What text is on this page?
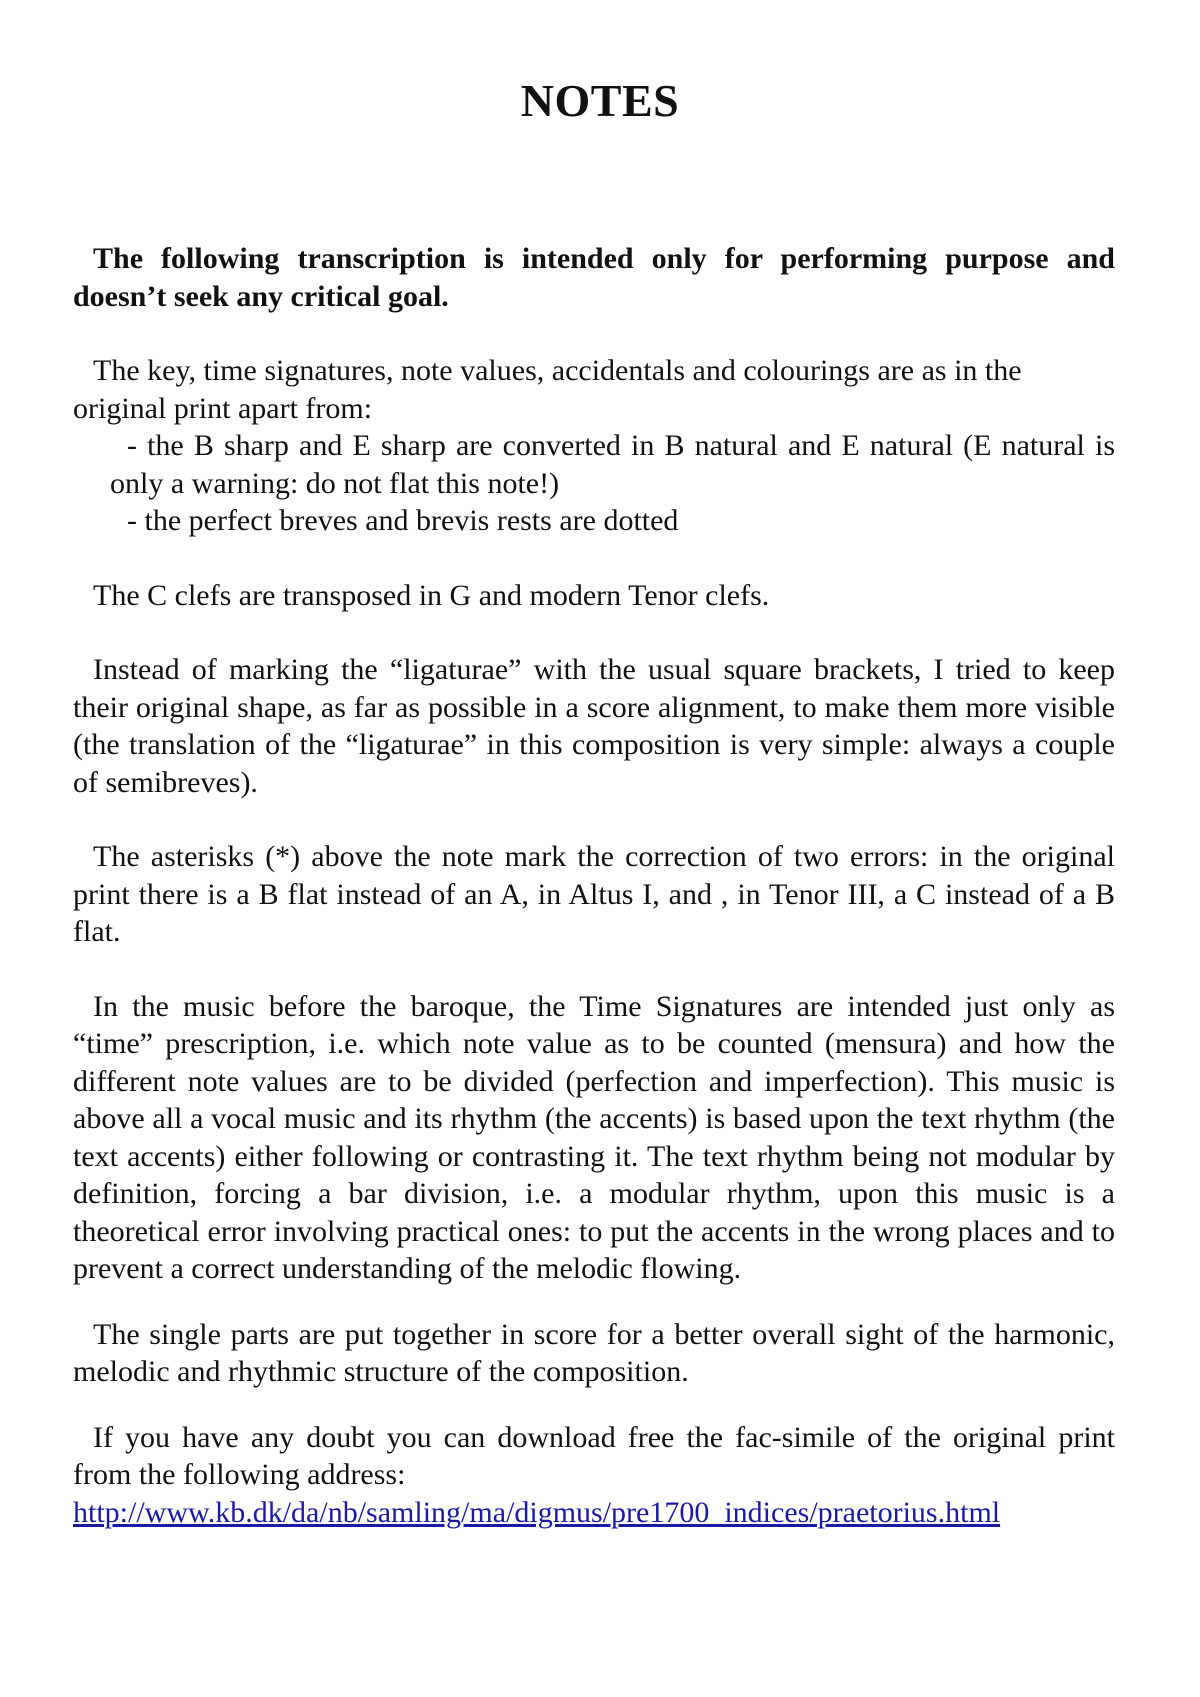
NOTES

The following transcription is intended only for performing purpose and doesn’t seek any critical goal.

The key, time signatures, note values, accidentals and colourings are as in the original print apart from:

- the B sharp and E sharp are converted in B natural and E natural (E natural is only a warning: do not flat this note!)

- the perfect breves and brevis rests are dotted

The C clefs are transposed in G and modern Tenor clefs.

Instead of marking the “ligaturae” with the usual square brackets, I tried to keep their original shape, as far as possible in a score alignment, to make them more visible (the translation of the “ligaturae” in this composition is very simple: always a couple of semibreves).

The asterisks (*) above the note mark the correction of two errors: in the original print there is a B flat instead of an A, in Altus I, and , in Tenor III, a C instead of a B flat.

In the music before the baroque, the Time Signatures are intended just only as “time” prescription, i.e. which note value as to be counted (mensura) and how the different note values are to be divided (perfection and imperfection). This music is above all a vocal music and its rhythm (the accents) is based upon the text rhythm (the text accents) either following or contrasting it. The text rhythm being not modular by definition, forcing a bar division, i.e. a modular rhythm, upon this music is a theoretical error involving practical ones: to put the accents in the wrong places and to prevent a correct understanding of the melodic flowing.

The single parts are put together in score for a better overall sight of the harmonic, melodic and rhythmic structure of the composition.

If you have any doubt you can download free the fac-simile of the original print from the following address:

http://www.kb.dk/da/nb/samling/ma/digmus/pre1700_indices/praetorius.html
